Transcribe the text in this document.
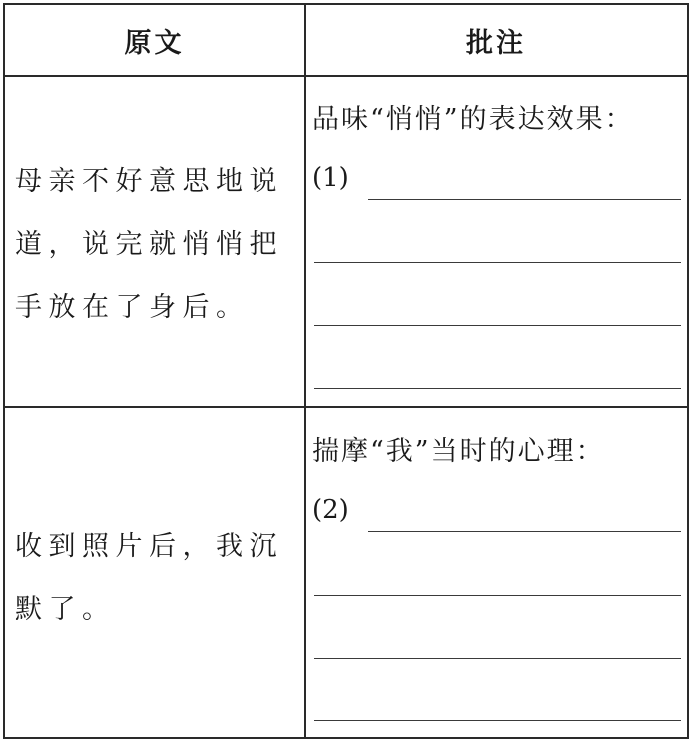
原文	批注
母亲不好意思地说
道，说完就悄悄把
手放在了身后。
品味“悄悄”的表达效果：
(1)
收到照片后，我沉
默了。
揣摩“我”当时的心理：
(2)
